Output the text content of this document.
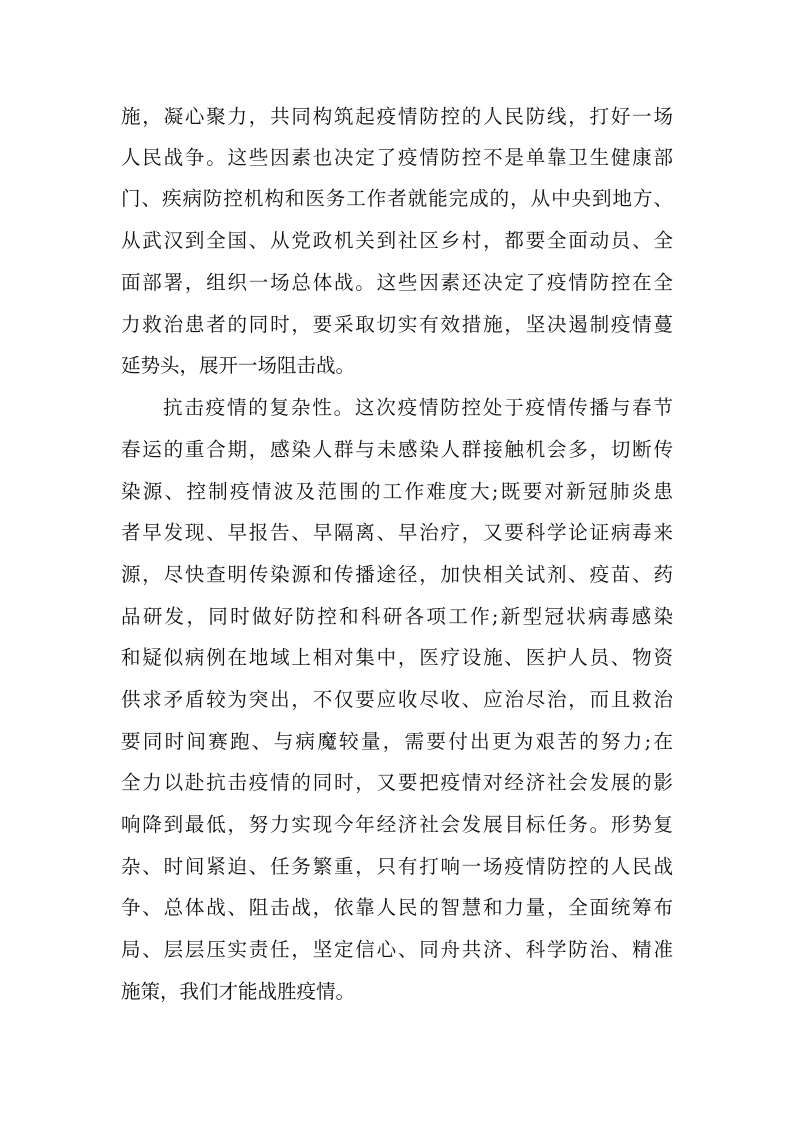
施，凝心聚力，共同构筑起疫情防控的人民防线，打好一场
人民战争。这些因素也决定了疫情防控不是单靠卫生健康部
门、疾病防控机构和医务工作者就能完成的，从中央到地方、
从武汉到全国、从党政机关到社区乡村，都要全面动员、全
面部署，组织一场总体战。这些因素还决定了疫情防控在全
力救治患者的同时，要采取切实有效措施，坚决遏制疫情蔓
延势头，展开一场阻击战。
抗击疫情的复杂性。这次疫情防控处于疫情传播与春节
春运的重合期，感染人群与未感染人群接触机会多，切断传
染源、控制疫情波及范围的工作难度大;既要对新冠肺炎患
者早发现、早报告、早隔离、早治疗，又要科学论证病毒来
源，尽快查明传染源和传播途径，加快相关试剂、疫苗、药
品研发，同时做好防控和科研各项工作;新型冠状病毒感染
和疑似病例在地域上相对集中，医疗设施、医护人员、物资
供求矛盾较为突出，不仅要应收尽收、应治尽治，而且救治
要同时间赛跑、与病魔较量，需要付出更为艰苦的努力;在
全力以赴抗击疫情的同时，又要把疫情对经济社会发展的影
响降到最低，努力实现今年经济社会发展目标任务。形势复
杂、时间紧迫、任务繁重，只有打响一场疫情防控的人民战
争、总体战、阻击战，依靠人民的智慧和力量，全面统筹布
局、层层压实责任，坚定信心、同舟共济、科学防治、精准
施策，我们才能战胜疫情。
